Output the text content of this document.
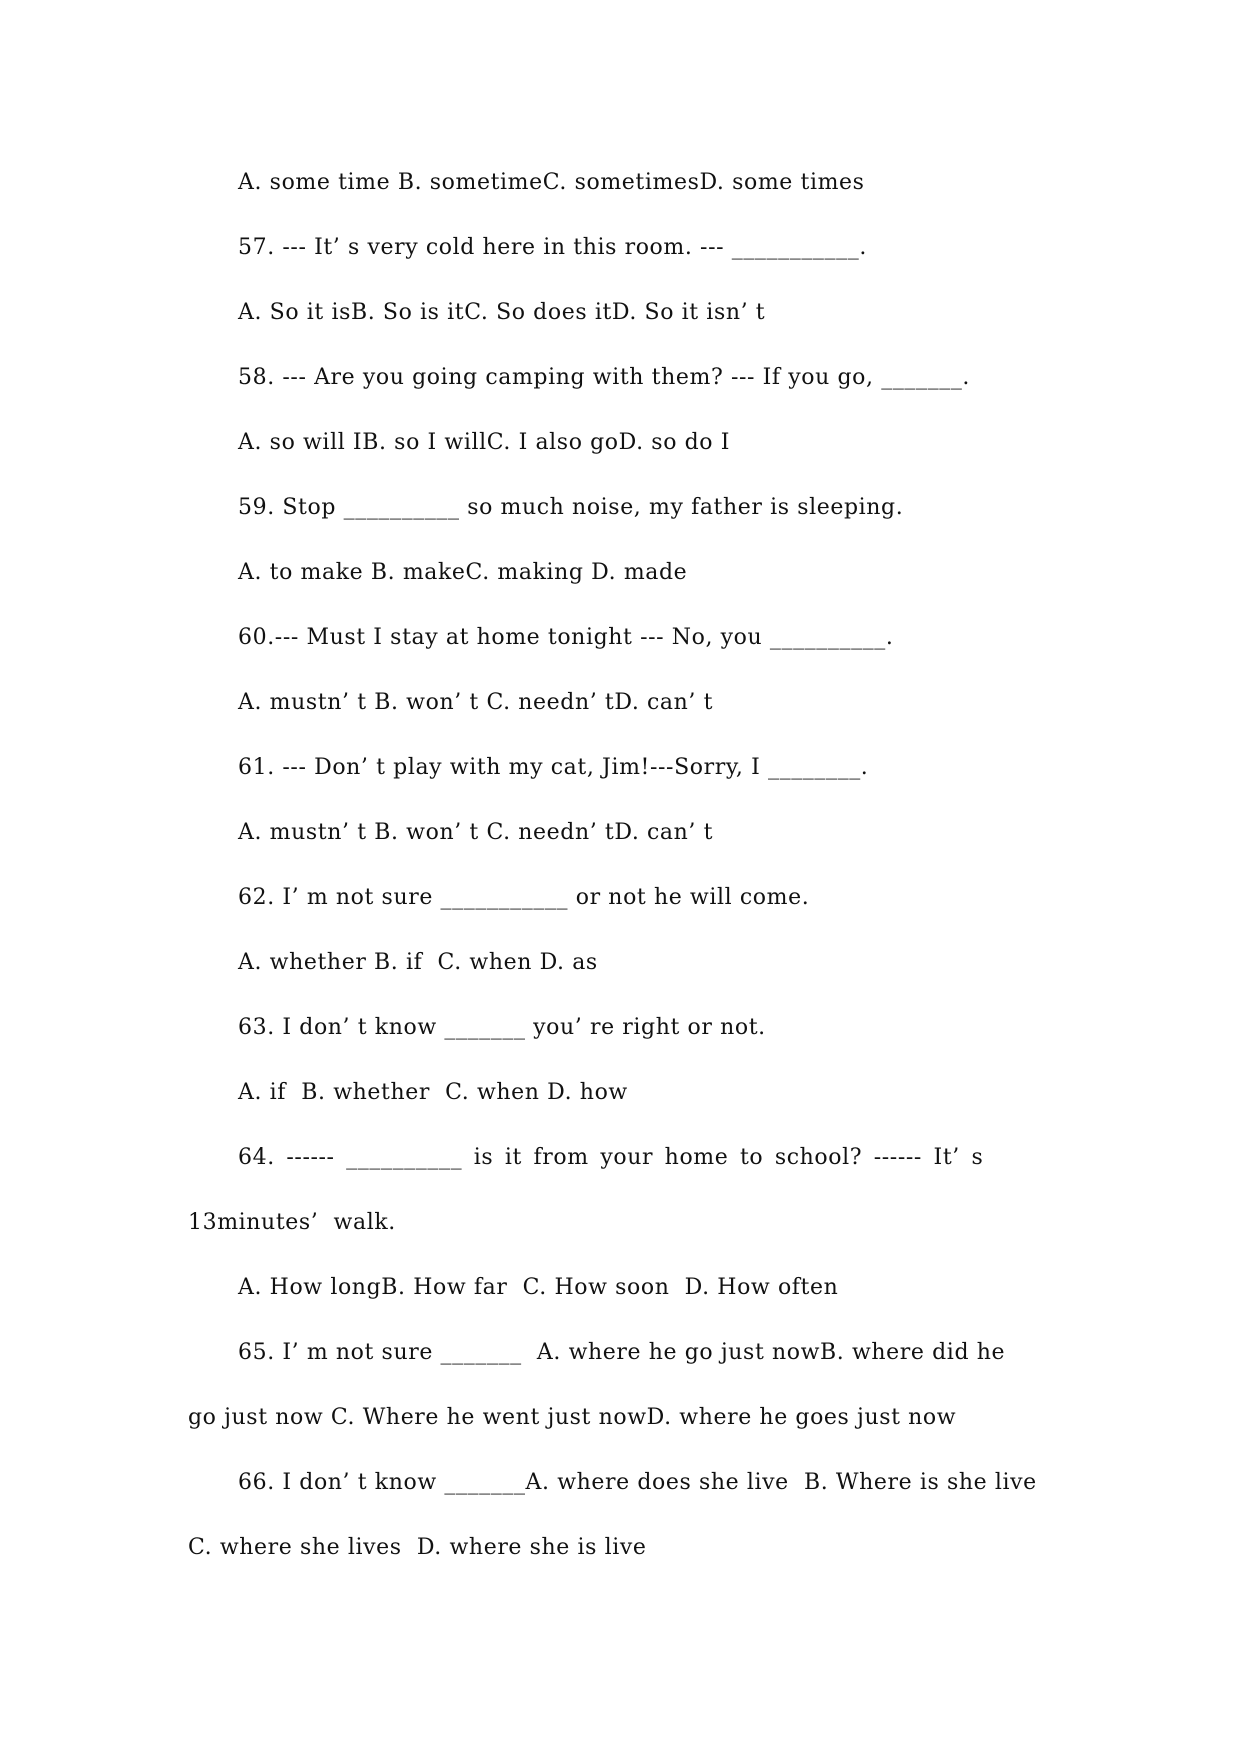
A. some time B. sometimeC. sometimesD. some times
57. --- It’ s very cold here in this room. --- ___________.
A. So it isB. So is itC. So does itD. So it isn’ t
58. --- Are you going camping with them? --- If you go, _______.
A. so will IB. so I willC. I also goD. so do I
59. Stop __________ so much noise, my father is sleeping.
A. to make B. makeC. making D. made
60.--- Must I stay at home tonight --- No, you __________.
A. mustn’ t B. won’ t C. needn’ tD. can’ t
61. --- Don’ t play with my cat, Jim!---Sorry, I ________.
A. mustn’ t B. won’ t C. needn’ tD. can’ t
62. I’ m not sure ___________ or not he will come.
A. whether B. if  C. when D. as
63. I don’ t know _______ you’ re right or not.
A. if  B. whether  C. when D. how
64. ------ __________ is it from your home to school? ------ It’ s
13minutes’  walk.
A. How longB. How far  C. How soon  D. How often
65. I’ m not sure _______  A. where he go just nowB. where did he
go just now C. Where he went just nowD. where he goes just now
66. I don’ t know _______A. where does she live  B. Where is she live
C. where she lives  D. where she is live
